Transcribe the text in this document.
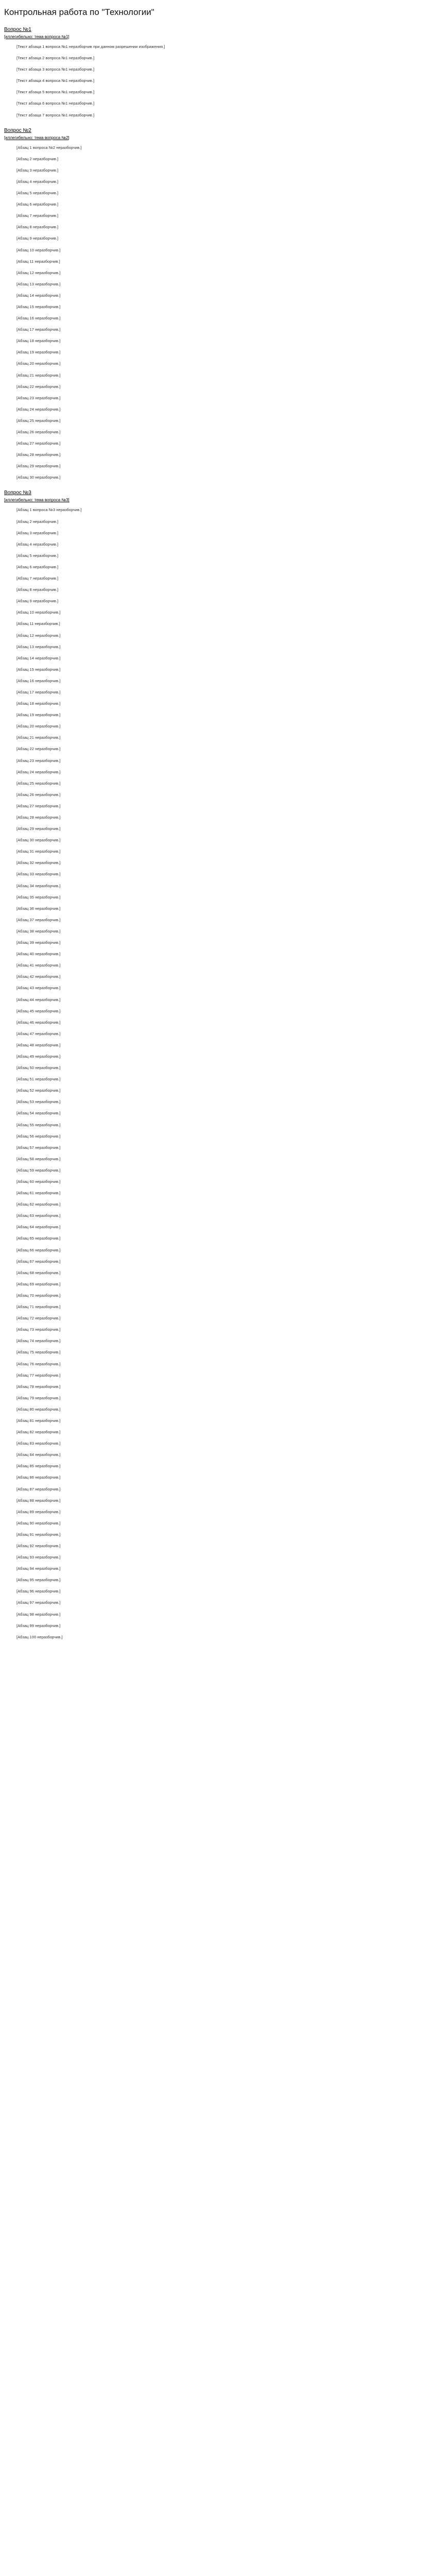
Контрольная работа по "Технологии"
Вопрос №1
[иллегибельно: тема вопроса №1]

[Текст абзаца 1 вопроса №1 неразборчив при данном разрешении изображения.]

[Текст абзаца 2 вопроса №1 неразборчив.]

[Текст абзаца 3 вопроса №1 неразборчив.]

[Текст абзаца 4 вопроса №1 неразборчив.]

[Текст абзаца 5 вопроса №1 неразборчив.]

[Текст абзаца 6 вопроса №1 неразборчив.]

[Текст абзаца 7 вопроса №1 неразборчив.]

Вопрос №2
[иллегибельно: тема вопроса №2]

[Абзац 1 вопроса №2 неразборчив.]

[Абзац 2 неразборчив.]

[Абзац 3 неразборчив.]

[Абзац 4 неразборчив.]

[Абзац 5 неразборчив.]

[Абзац 6 неразборчив.]

[Абзац 7 неразборчив.]

[Абзац 8 неразборчив.]

[Абзац 9 неразборчив.]

[Абзац 10 неразборчив.]

[Абзац 11 неразборчив.]

[Абзац 12 неразборчив.]

[Абзац 13 неразборчив.]

[Абзац 14 неразборчив.]

[Абзац 15 неразборчив.]

[Абзац 16 неразборчив.]

[Абзац 17 неразборчив.]

[Абзац 18 неразборчив.]

[Абзац 19 неразборчив.]

[Абзац 20 неразборчив.]

[Абзац 21 неразборчив.]

[Абзац 22 неразборчив.]

[Абзац 23 неразборчив.]

[Абзац 24 неразборчив.]

[Абзац 25 неразборчив.]

[Абзац 26 неразборчив.]

[Абзац 27 неразборчив.]

[Абзац 28 неразборчив.]

[Абзац 29 неразборчив.]

[Абзац 30 неразборчив.]

Вопрос №3
[иллегибельно: тема вопроса №3]

[Абзац 1 вопроса №3 неразборчив.]

[Абзац 2 неразборчив.]

[Абзац 3 неразборчив.]

[Абзац 4 неразборчив.]

[Абзац 5 неразборчив.]

[Абзац 6 неразборчив.]

[Абзац 7 неразборчив.]

[Абзац 8 неразборчив.]

[Абзац 9 неразборчив.]

[Абзац 10 неразборчив.]

[Абзац 11 неразборчив.]

[Абзац 12 неразборчив.]

[Абзац 13 неразборчив.]

[Абзац 14 неразборчив.]

[Абзац 15 неразборчив.]

[Абзац 16 неразборчив.]

[Абзац 17 неразборчив.]

[Абзац 18 неразборчив.]

[Абзац 19 неразборчив.]

[Абзац 20 неразборчив.]

[Абзац 21 неразборчив.]

[Абзац 22 неразборчив.]

[Абзац 23 неразборчив.]

[Абзац 24 неразборчив.]

[Абзац 25 неразборчив.]

[Абзац 26 неразборчив.]

[Абзац 27 неразборчив.]

[Абзац 28 неразборчив.]

[Абзац 29 неразборчив.]

[Абзац 30 неразборчив.]

[Абзац 31 неразборчив.]

[Абзац 32 неразборчив.]

[Абзац 33 неразборчив.]

[Абзац 34 неразборчив.]

[Абзац 35 неразборчив.]

[Абзац 36 неразборчив.]

[Абзац 37 неразборчив.]

[Абзац 38 неразборчив.]

[Абзац 39 неразборчив.]

[Абзац 40 неразборчив.]

[Абзац 41 неразборчив.]

[Абзац 42 неразборчив.]

[Абзац 43 неразборчив.]

[Абзац 44 неразборчив.]

[Абзац 45 неразборчив.]

[Абзац 46 неразборчив.]

[Абзац 47 неразборчив.]

[Абзац 48 неразборчив.]

[Абзац 49 неразборчив.]

[Абзац 50 неразборчив.]

[Абзац 51 неразборчив.]

[Абзац 52 неразборчив.]

[Абзац 53 неразборчив.]

[Абзац 54 неразборчив.]

[Абзац 55 неразборчив.]

[Абзац 56 неразборчив.]

[Абзац 57 неразборчив.]

[Абзац 58 неразборчив.]

[Абзац 59 неразборчив.]

[Абзац 60 неразборчив.]

[Абзац 61 неразборчив.]

[Абзац 62 неразборчив.]

[Абзац 63 неразборчив.]

[Абзац 64 неразборчив.]

[Абзац 65 неразборчив.]

[Абзац 66 неразборчив.]

[Абзац 67 неразборчив.]

[Абзац 68 неразборчив.]

[Абзац 69 неразборчив.]

[Абзац 70 неразборчив.]

[Абзац 71 неразборчив.]

[Абзац 72 неразборчив.]

[Абзац 73 неразборчив.]

[Абзац 74 неразборчив.]

[Абзац 75 неразборчив.]

[Абзац 76 неразборчив.]

[Абзац 77 неразборчив.]

[Абзац 78 неразборчив.]

[Абзац 79 неразборчив.]

[Абзац 80 неразборчив.]

[Абзац 81 неразборчив.]

[Абзац 82 неразборчив.]

[Абзац 83 неразборчив.]

[Абзац 84 неразборчив.]

[Абзац 85 неразборчив.]

[Абзац 86 неразборчив.]

[Абзац 87 неразборчив.]

[Абзац 88 неразборчив.]

[Абзац 89 неразборчив.]

[Абзац 90 неразборчив.]

[Абзац 91 неразборчив.]

[Абзац 92 неразборчив.]

[Абзац 93 неразборчив.]

[Абзац 94 неразборчив.]

[Абзац 95 неразборчив.]

[Абзац 96 неразборчив.]

[Абзац 97 неразборчив.]

[Абзац 98 неразборчив.]

[Абзац 99 неразборчив.]

[Абзац 100 неразборчив.]
